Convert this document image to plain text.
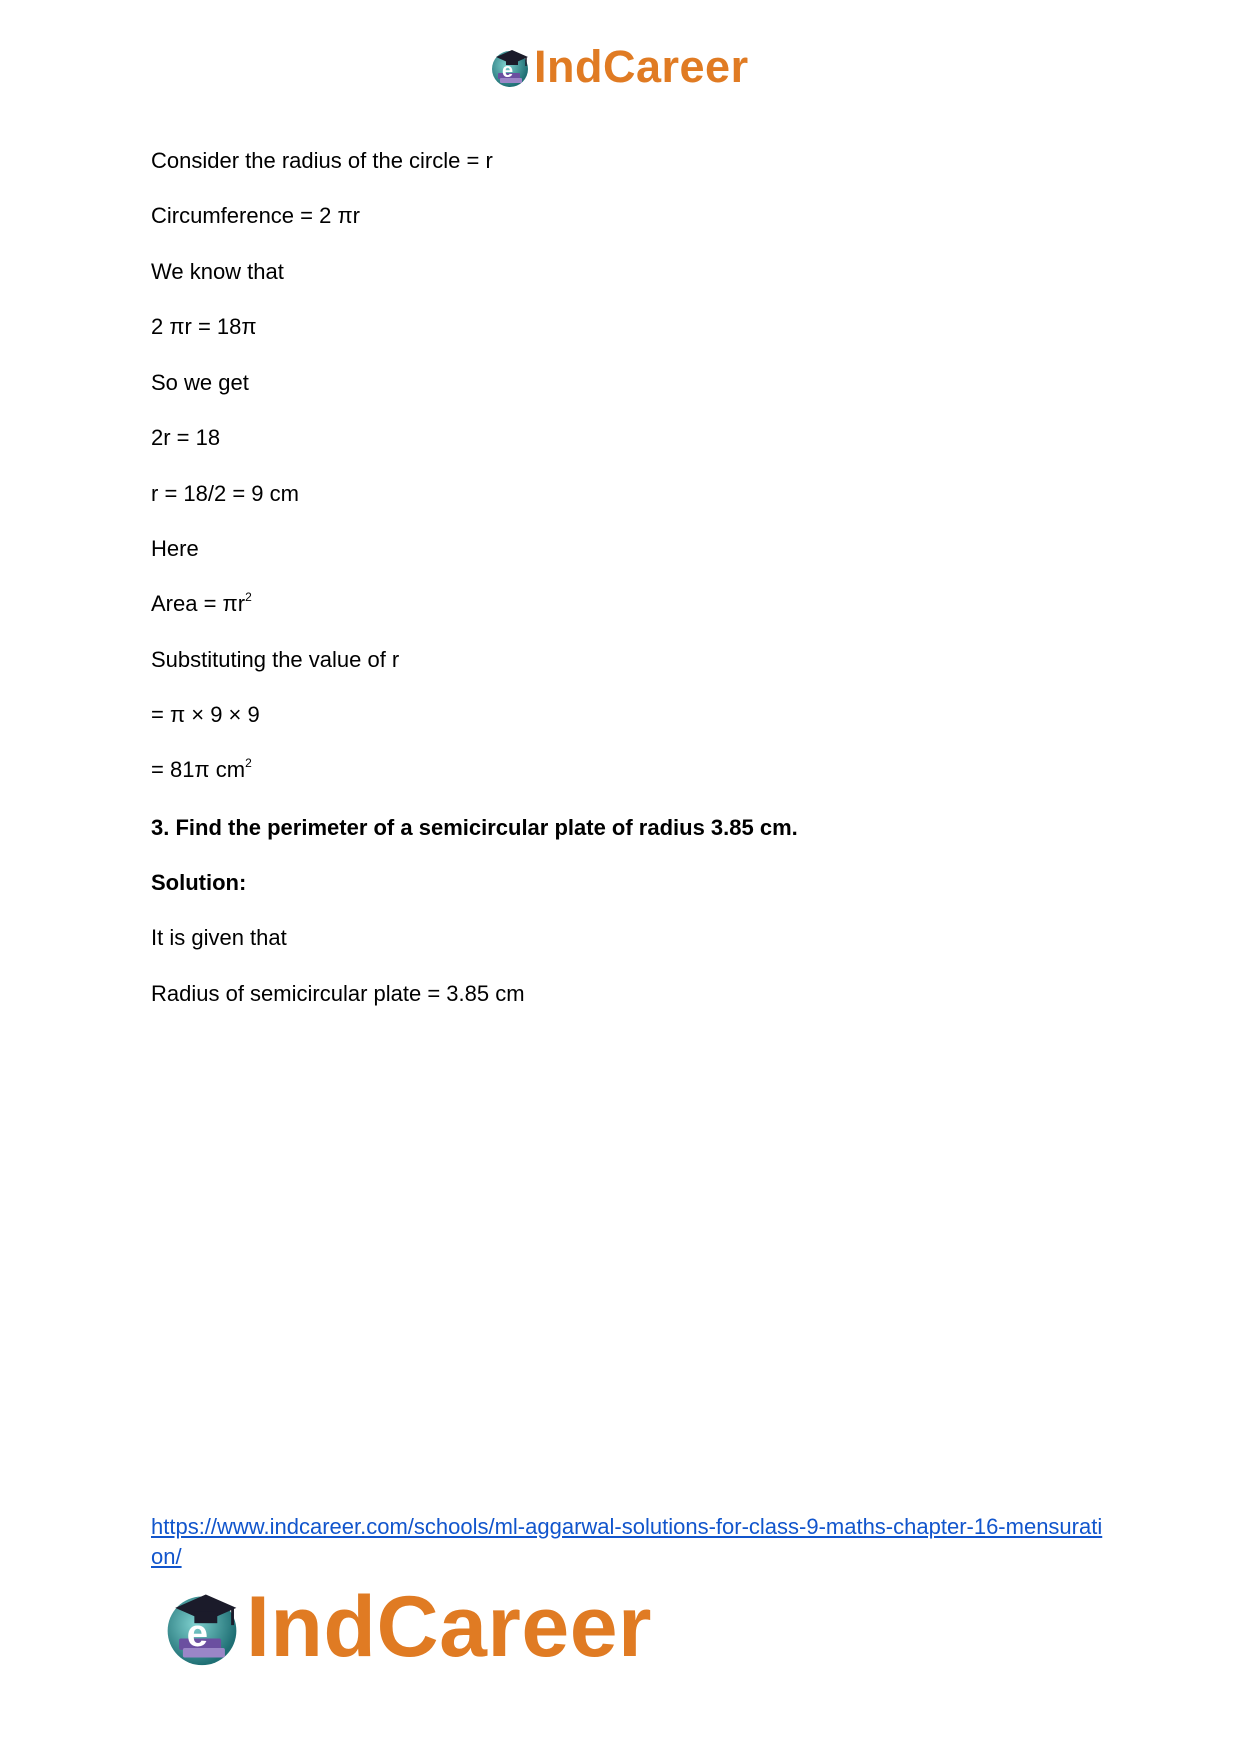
e IndCareer
Consider the radius of the circle = r
Circumference = 2 πr
We know that
2 πr = 18π
So we get
2r = 18
r = 18/2 = 9 cm
Here
Area = $\pi r^2$
Substituting the value of r
= π × 9 × 9
= 81π $cm^2$
3. Find the perimeter of a semicircular plate of radius 3.85 cm.
Solution:
It is given that
Radius of semicircular plate = 3.85 cm
https://www.indcareer.com/schools/ml-aggarwal-solutions-for-class-9-maths-chapter-16-mensuration/
e IndCareer
